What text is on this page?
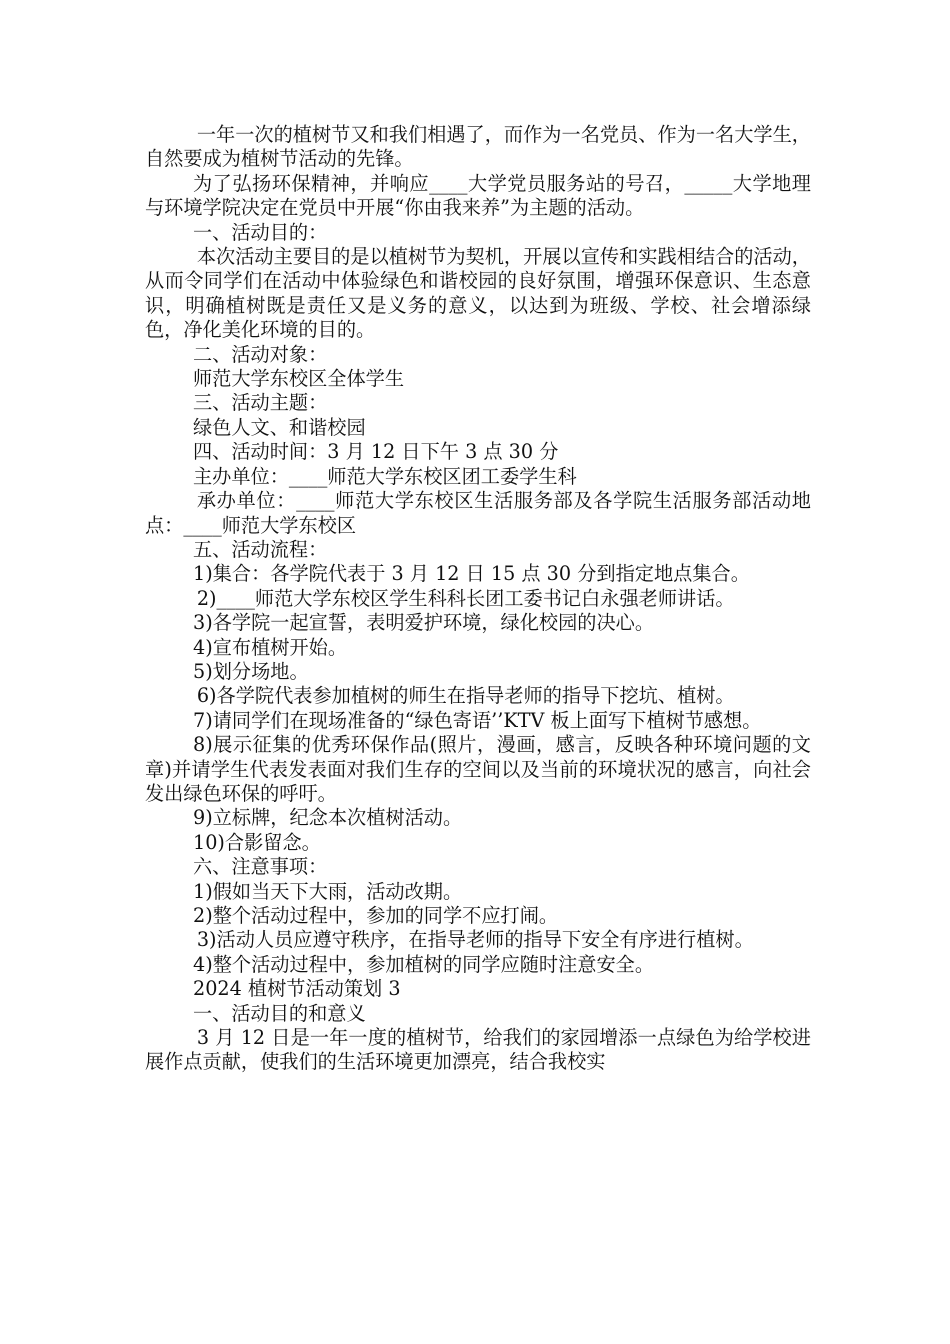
一年一次的植树节又和我们相遇了，而作为一名党员、作为一名大学生，自然要成为植树节活动的先锋。

为了弘扬环保精神，并响应____大学党员服务站的号召，_____大学地理与环境学院决定在党员中开展“你由我来养”为主题的活动。

一、活动目的：

本次活动主要目的是以植树节为契机，开展以宣传和实践相结合的活动，从而令同学们在活动中体验绿色和谐校园的良好氛围，增强环保意识、生态意识，明确植树既是责任又是义务的意义，以达到为班级、学校、社会增添绿色，净化美化环境的目的。

二、活动对象：

师范大学东校区全体学生

三、活动主题：

绿色人文、和谐校园

四、活动时间：3 月 12 日下午 3 点 30 分

主办单位：____师范大学东校区团工委学生科

承办单位：____师范大学东校区生活服务部及各学院生活服务部活动地点：____师范大学东校区

五、活动流程：

1)集合：各学院代表于 3 月 12 日 15 点 30 分到指定地点集合。

2)____师范大学东校区学生科科长团工委书记白永强老师讲话。

3)各学院一起宣誓，表明爱护环境，绿化校园的决心。

4)宣布植树开始。

5)划分场地。

6)各学院代表参加植树的师生在指导老师的指导下挖坑、植树。

7)请同学们在现场准备的“绿色寄语’’KTV 板上面写下植树节感想。

8)展示征集的优秀环保作品(照片，漫画，感言，反映各种环境问题的文章)并请学生代表发表面对我们生存的空间以及当前的环境状况的感言，向社会发出绿色环保的呼吁。

9)立标牌，纪念本次植树活动。

10)合影留念。

六、注意事项：

1)假如当天下大雨，活动改期。

2)整个活动过程中，参加的同学不应打闹。

3)活动人员应遵守秩序，在指导老师的指导下安全有序进行植树。

4)整个活动过程中，参加植树的同学应随时注意安全。

2024 植树节活动策划 3

一、活动目的和意义

3 月 12 日是一年一度的植树节，给我们的家园增添一点绿色为给学校进展作点贡献，使我们的生活环境更加漂亮，结合我校实
